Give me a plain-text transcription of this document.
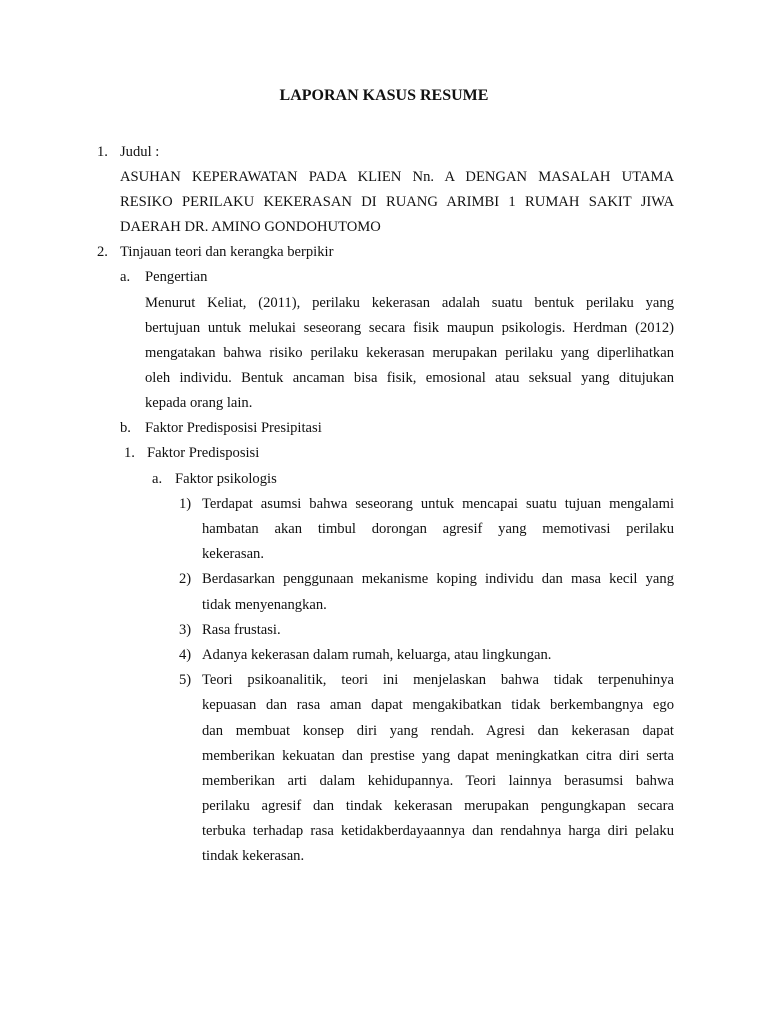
LAPORAN KASUS RESUME
1. Judul :
ASUHAN KEPERAWATAN PADA KLIEN Nn. A DENGAN MASALAH UTAMA
RESIKO PERILAKU KEKERASAN DI RUANG ARIMBI 1 RUMAH SAKIT JIWA
DAERAH DR. AMINO GONDOHUTOMO
2. Tinjauan teori dan kerangka berpikir
a. Pengertian
Menurut Keliat, (2011), perilaku kekerasan adalah suatu bentuk perilaku yang
bertujuan untuk melukai seseorang secara fisik maupun psikologis. Herdman (2012)
mengatakan bahwa risiko perilaku kekerasan merupakan perilaku yang diperlihatkan
oleh individu. Bentuk ancaman bisa fisik, emosional atau seksual yang ditujukan
kepada orang lain.
b. Faktor Predisposisi Presipitasi
1. Faktor Predisposisi
a. Faktor psikologis
1) Terdapat asumsi bahwa seseorang untuk mencapai suatu tujuan mengalami
hambatan akan timbul dorongan agresif yang memotivasi perilaku
kekerasan.
2) Berdasarkan penggunaan mekanisme koping individu dan masa kecil yang
tidak menyenangkan.
3) Rasa frustasi.
4) Adanya kekerasan dalam rumah, keluarga, atau lingkungan.
5) Teori psikoanalitik, teori ini menjelaskan bahwa tidak terpenuhinya
kepuasan dan rasa aman dapat mengakibatkan tidak berkembangnya ego
dan membuat konsep diri yang rendah. Agresi dan kekerasan dapat
memberikan kekuatan dan prestise yang dapat meningkatkan citra diri serta
memberikan arti dalam kehidupannya. Teori lainnya berasumsi bahwa
perilaku agresif dan tindak kekerasan merupakan pengungkapan secara
terbuka terhadap rasa ketidakberdayaannya dan rendahnya harga diri pelaku
tindak kekerasan.
